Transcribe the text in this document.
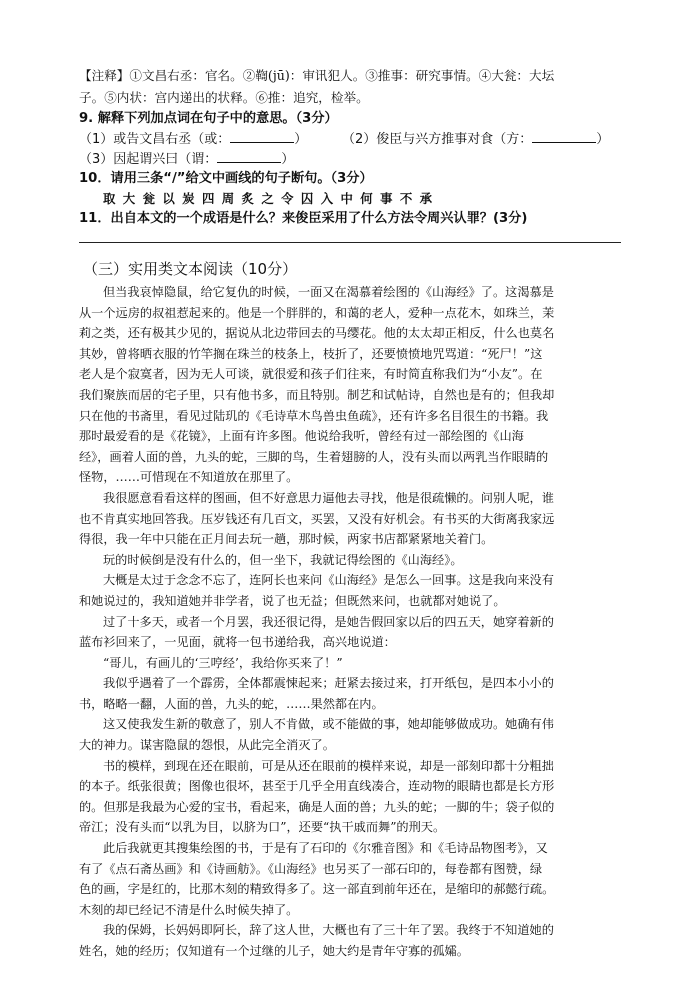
【注释】①文昌右丞：官名。②鞫(jū)：审讯犯人。③推事：研究事情。④大瓮：大坛
子。⑤内状：宫内递出的状释。⑥推：追究，检举。
9. 解释下列加点词在句子中的意思。（3分）
（1）或告文昌右丞（或：	）	（2）俊臣与兴方推事对食（方：	）
（3）因起谓兴曰（谓：	）
10．请用三条“/”给文中画线的句子断句。（3分）
取大瓮以炭四周炙之令囚入中何事不承
11．出自本文的一个成语是什么？来俊臣采用了什么方法令周兴认罪？(3分)
（三）实用类文本阅读（10分）
但当我哀悼隐鼠，给它复仇的时候，一面又在渴慕着绘图的《山海经》了。这渴慕是
从一个远房的叔祖惹起来的。他是一个胖胖的，和蔼的老人，爱种一点花木，如珠兰，茉
莉之类，还有极其少见的，据说从北边带回去的马缨花。他的太太却正相反，什么也莫名
其妙，曾将晒衣服的竹竿搁在珠兰的枝条上，枝折了，还要愤愤地咒骂道：“死尸！”这
老人是个寂寞者，因为无人可谈，就很爱和孩子们往来，有时简直称我们为“小友”。在
我们聚族而居的宅子里，只有他书多，而且特别。制艺和试帖诗，自然也是有的；但我却
只在他的书斋里，看见过陆玑的《毛诗草木鸟兽虫鱼疏》，还有许多名目很生的书籍。我
那时最爱看的是《花镜》，上面有许多图。他说给我听，曾经有过一部绘图的《山海
经》，画着人面的兽，九头的蛇，三脚的鸟，生着翅膀的人，没有头而以两乳当作眼睛的
怪物，……可惜现在不知道放在那里了。
我很愿意看看这样的图画，但不好意思力逼他去寻找，他是很疏懒的。问别人呢，谁
也不肯真实地回答我。压岁钱还有几百文，买罢，又没有好机会。有书买的大街离我家远
得很，我一年中只能在正月间去玩一趟，那时候，两家书店都紧紧地关着门。
玩的时候倒是没有什么的，但一坐下，我就记得绘图的《山海经》。
大概是太过于念念不忘了，连阿长也来问《山海经》是怎么一回事。这是我向来没有
和她说过的，我知道她并非学者，说了也无益；但既然来问，也就都对她说了。
过了十多天，或者一个月罢，我还很记得，是她告假回家以后的四五天，她穿着新的
蓝布衫回来了，一见面，就将一包书递给我，高兴地说道：
“哥儿，有画儿的‘三哼经’，我给你买来了！”
我似乎遇着了一个霹雳，全体都震悚起来；赶紧去接过来，打开纸包，是四本小小的
书，略略一翻，人面的兽，九头的蛇，……果然都在内。
这又使我发生新的敬意了，别人不肯做，或不能做的事，她却能够做成功。她确有伟
大的神力。谋害隐鼠的怨恨，从此完全消灭了。
书的模样，到现在还在眼前，可是从还在眼前的模样来说，却是一部刻印都十分粗拙
的本子。纸张很黄；图像也很坏，甚至于几乎全用直线凑合，连动物的眼睛也都是长方形
的。但那是我最为心爱的宝书，看起来，确是人面的兽；九头的蛇；一脚的牛；袋子似的
帝江；没有头而“以乳为目，以脐为口”，还要“执干戚而舞”的刑天。
此后我就更其搜集绘图的书，于是有了石印的《尔雅音图》和《毛诗品物图考》，又
有了《点石斋丛画》和《诗画舫》。《山海经》也另买了一部石印的，每卷都有图赞，绿
色的画，字是红的，比那木刻的精致得多了。这一部直到前年还在，是缩印的郝懿行疏。
木刻的却已经记不清是什么时候失掉了。
我的保姆，长妈妈即阿长，辞了这人世，大概也有了三十年了罢。我终于不知道她的
姓名，她的经历；仅知道有一个过继的儿子，她大约是青年守寡的孤孀。
